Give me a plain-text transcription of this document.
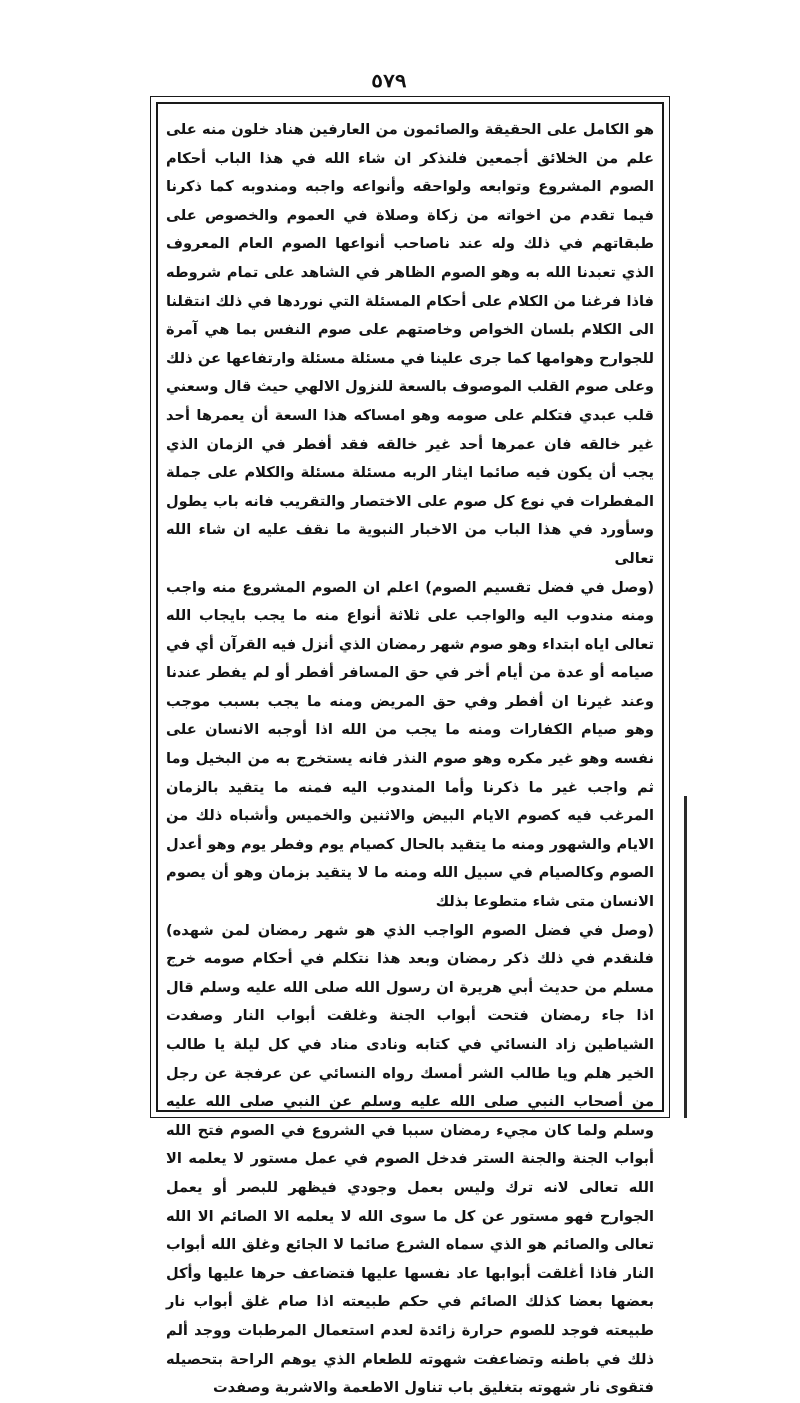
٥٧٩

هو الكامل على الحقيقة والصائمون من العارفين هناد خلون منه على علم من الخلائق أجمعين فلنذكر ان شاء الله في هذا الباب أحكام الصوم المشروع وتوابعه ولواحقه وأنواعه واجبه ومندوبه كما ذكرنا فيما تقدم من اخواته من زكاة وصلاة في العموم والخصوص على طبقاتهم في ذلك وله عند ناصاحب أنواعها الصوم العام المعروف الذي تعبدنا الله به وهو الصوم الظاهر في الشاهد على تمام شروطه فاذا فرغنا من الكلام على أحكام المسئلة التي نوردها في ذلك انتقلنا الى الكلام بلسان الخواص وخاصتهم على صوم النفس بما هي آمرة للجوارح وهوامها كما جرى علينا في مسئلة مسئلة وارتفاعها عن ذلك وعلى صوم القلب الموصوف بالسعة للنزول الالهي حيث قال وسعني قلب عبدي فتكلم على صومه وهو امساكه هذا السعة أن يعمرها أحد غير خالقه فان عمرها أحد غير خالقه فقد أفطر في الزمان الذي يجب أن يكون فيه صائما ايثار الربه مسئلة مسئلة والكلام على جملة المفطرات في نوع كل صوم على الاختصار والتقريب فانه باب يطول وسأورد في هذا الباب من الاخبار النبوية ما نقف عليه ان شاء الله تعالى

(وصل في فضل تقسيم الصوم) اعلم ان الصوم المشروع منه واجب ومنه مندوب اليه والواجب على ثلاثة أنواع منه ما يجب بايجاب الله تعالى اياه ابتداء وهو صوم شهر رمضان الذي أنزل فيه القرآن أي في صيامه أو عدة من أيام أخر في حق المسافر أفطر أو لم يفطر عندنا وعند غيرنا ان أفطر وفي حق المريض ومنه ما يجب بسبب موجب وهو صيام الكفارات ومنه ما يجب من الله اذا أوجبه الانسان على نفسه وهو غير مكره وهو صوم النذر فانه يستخرج به من البخيل وما ثم واجب غير ما ذكرنا وأما المندوب اليه فمنه ما يتقيد بالزمان المرغب فيه كصوم الايام البيض والاثنين والخميس وأشباه ذلك من الايام والشهور ومنه ما يتقيد بالحال كصيام يوم وفطر يوم وهو أعدل الصوم وكالصيام في سبيل الله ومنه ما لا يتقيد بزمان وهو أن يصوم الانسان متى شاء متطوعا بذلك

(وصل في فضل الصوم الواجب الذي هو شهر رمضان لمن شهده) فلنقدم في ذلك ذكر رمضان وبعد هذا نتكلم في أحكام صومه خرج مسلم من حديث أبي هريرة ان رسول الله صلى الله عليه وسلم قال اذا جاء رمضان فتحت أبواب الجنة وغلقت أبواب النار وصفدت الشياطين زاد النسائي في كتابه ونادى مناد في كل ليلة يا طالب الخير هلم ويا طالب الشر أمسك رواه النسائي عن عرفجة عن رجل من أصحاب النبي صلى الله عليه وسلم عن النبي صلى الله عليه وسلم ولما كان مجيء رمضان سببا في الشروع في الصوم فتح الله أبواب الجنة والجنة الستر فدخل الصوم في عمل مستور لا يعلمه الا الله تعالى لانه ترك وليس بعمل وجودي فيظهر للبصر أو يعمل الجوارح فهو مستور عن كل ما سوى الله لا يعلمه الا الصائم الا الله تعالى والصائم هو الذي سماه الشرع صائما لا الجائع وغلق الله أبواب النار فاذا أغلقت أبوابها عاد نفسها عليها فتضاعف حرها عليها وأكل بعضها بعضا كذلك الصائم في حكم طبيعته اذا صام غلق أبواب نار طبيعته فوجد للصوم حرارة زائدة لعدم استعمال المرطبات ووجد ألم ذلك في باطنه وتضاعفت شهوته للطعام الذي يوهم الراحة بتحصيله فتقوى نار شهوته بتغليق باب تناول الاطعمة والاشربة وصفدت
